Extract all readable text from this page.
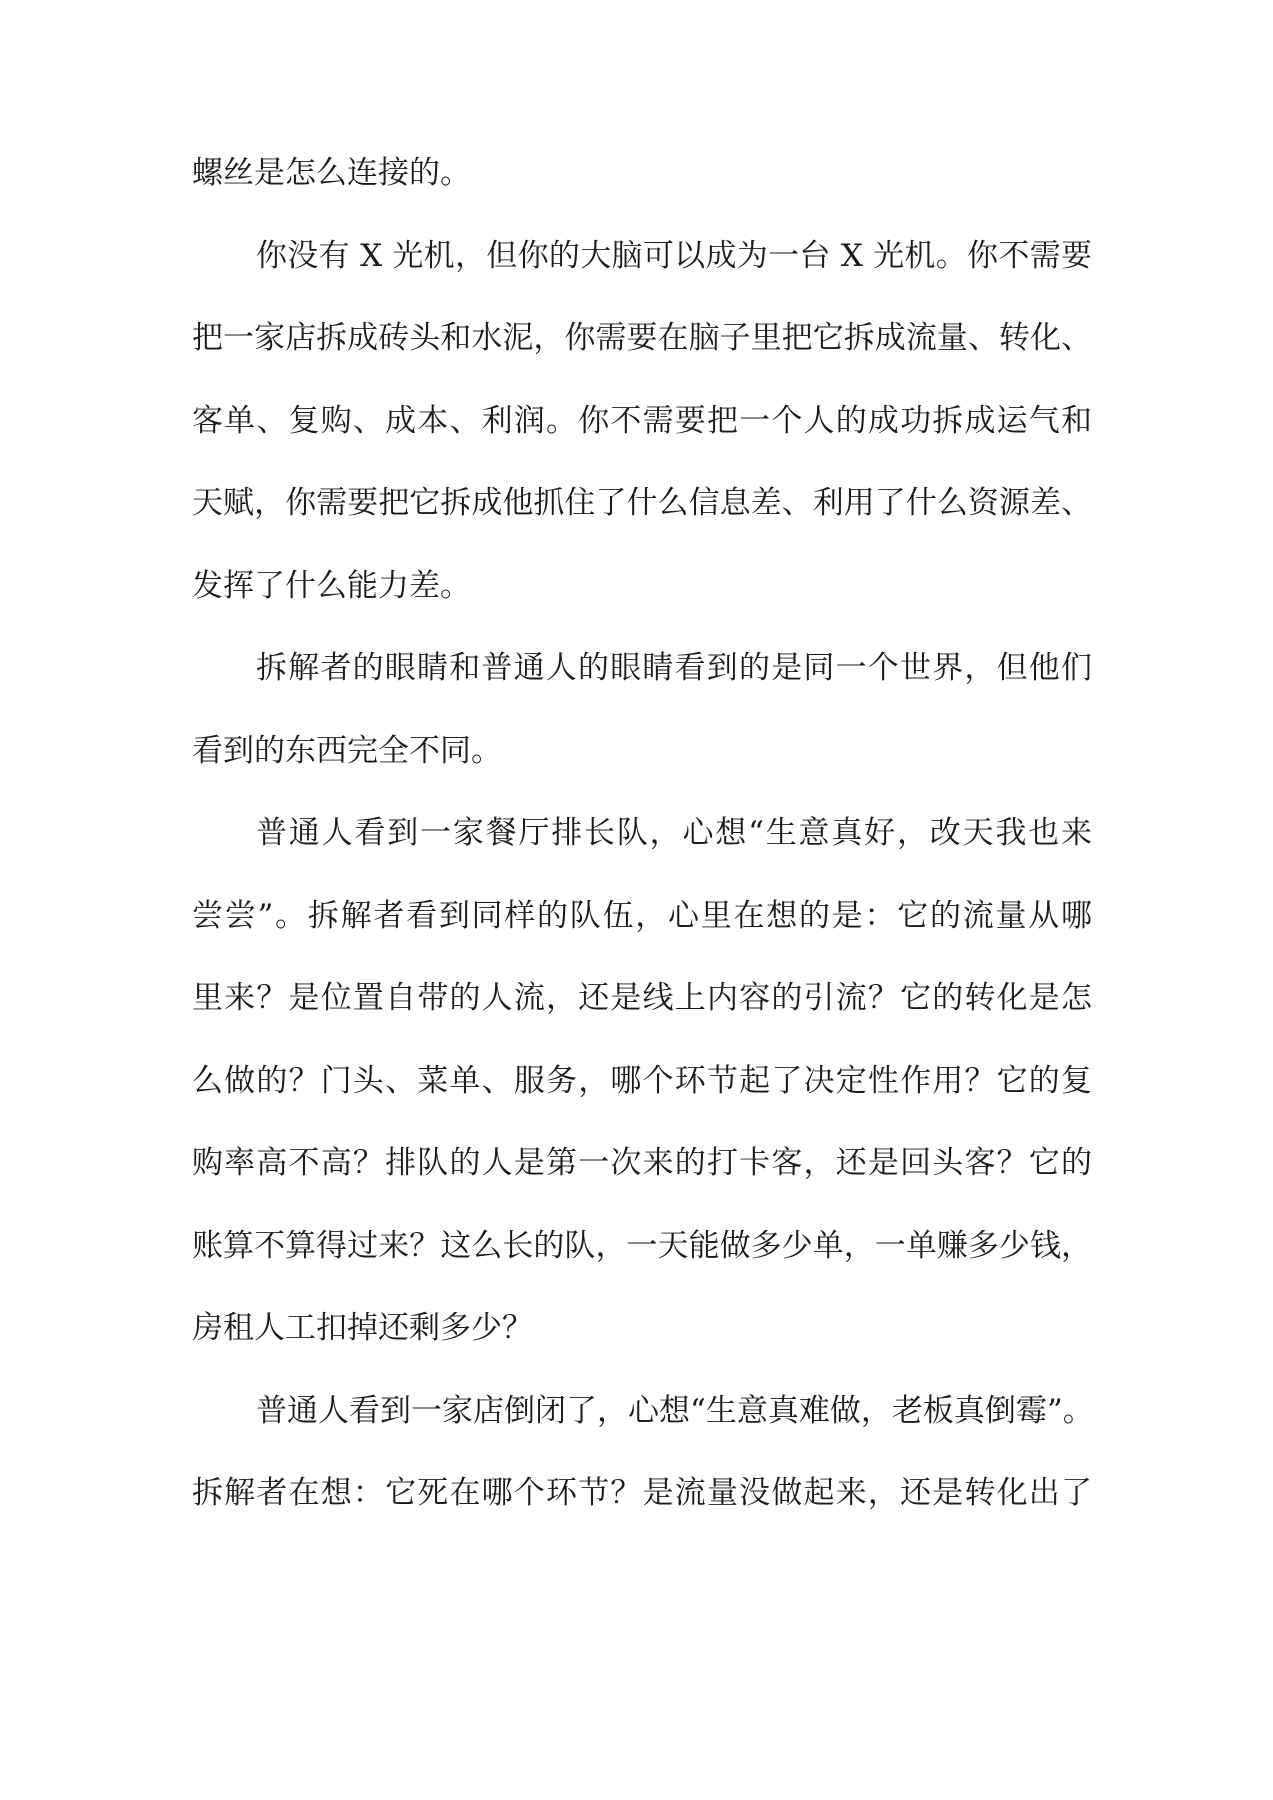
螺丝是怎么连接的。
你没有 X 光机，但你的大脑可以成为一台 X 光机。你不需要
把一家店拆成砖头和水泥，你需要在脑子里把它拆成流量、转化、
客单、复购、成本、利润。你不需要把一个人的成功拆成运气和
天赋，你需要把它拆成他抓住了什么信息差、利用了什么资源差、
发挥了什么能力差。
拆解者的眼睛和普通人的眼睛看到的是同一个世界，但他们
看到的东西完全不同。
普通人看到一家餐厅排长队，心想“生意真好，改天我也来
尝尝”。拆解者看到同样的队伍，心里在想的是：它的流量从哪
里来？是位置自带的人流，还是线上内容的引流？它的转化是怎
么做的？门头、菜单、服务，哪个环节起了决定性作用？它的复
购率高不高？排队的人是第一次来的打卡客，还是回头客？它的
账算不算得过来？这么长的队，一天能做多少单，一单赚多少钱，
房租人工扣掉还剩多少？
普通人看到一家店倒闭了，心想“生意真难做，老板真倒霉”。
拆解者在想：它死在哪个环节？是流量没做起来，还是转化出了
